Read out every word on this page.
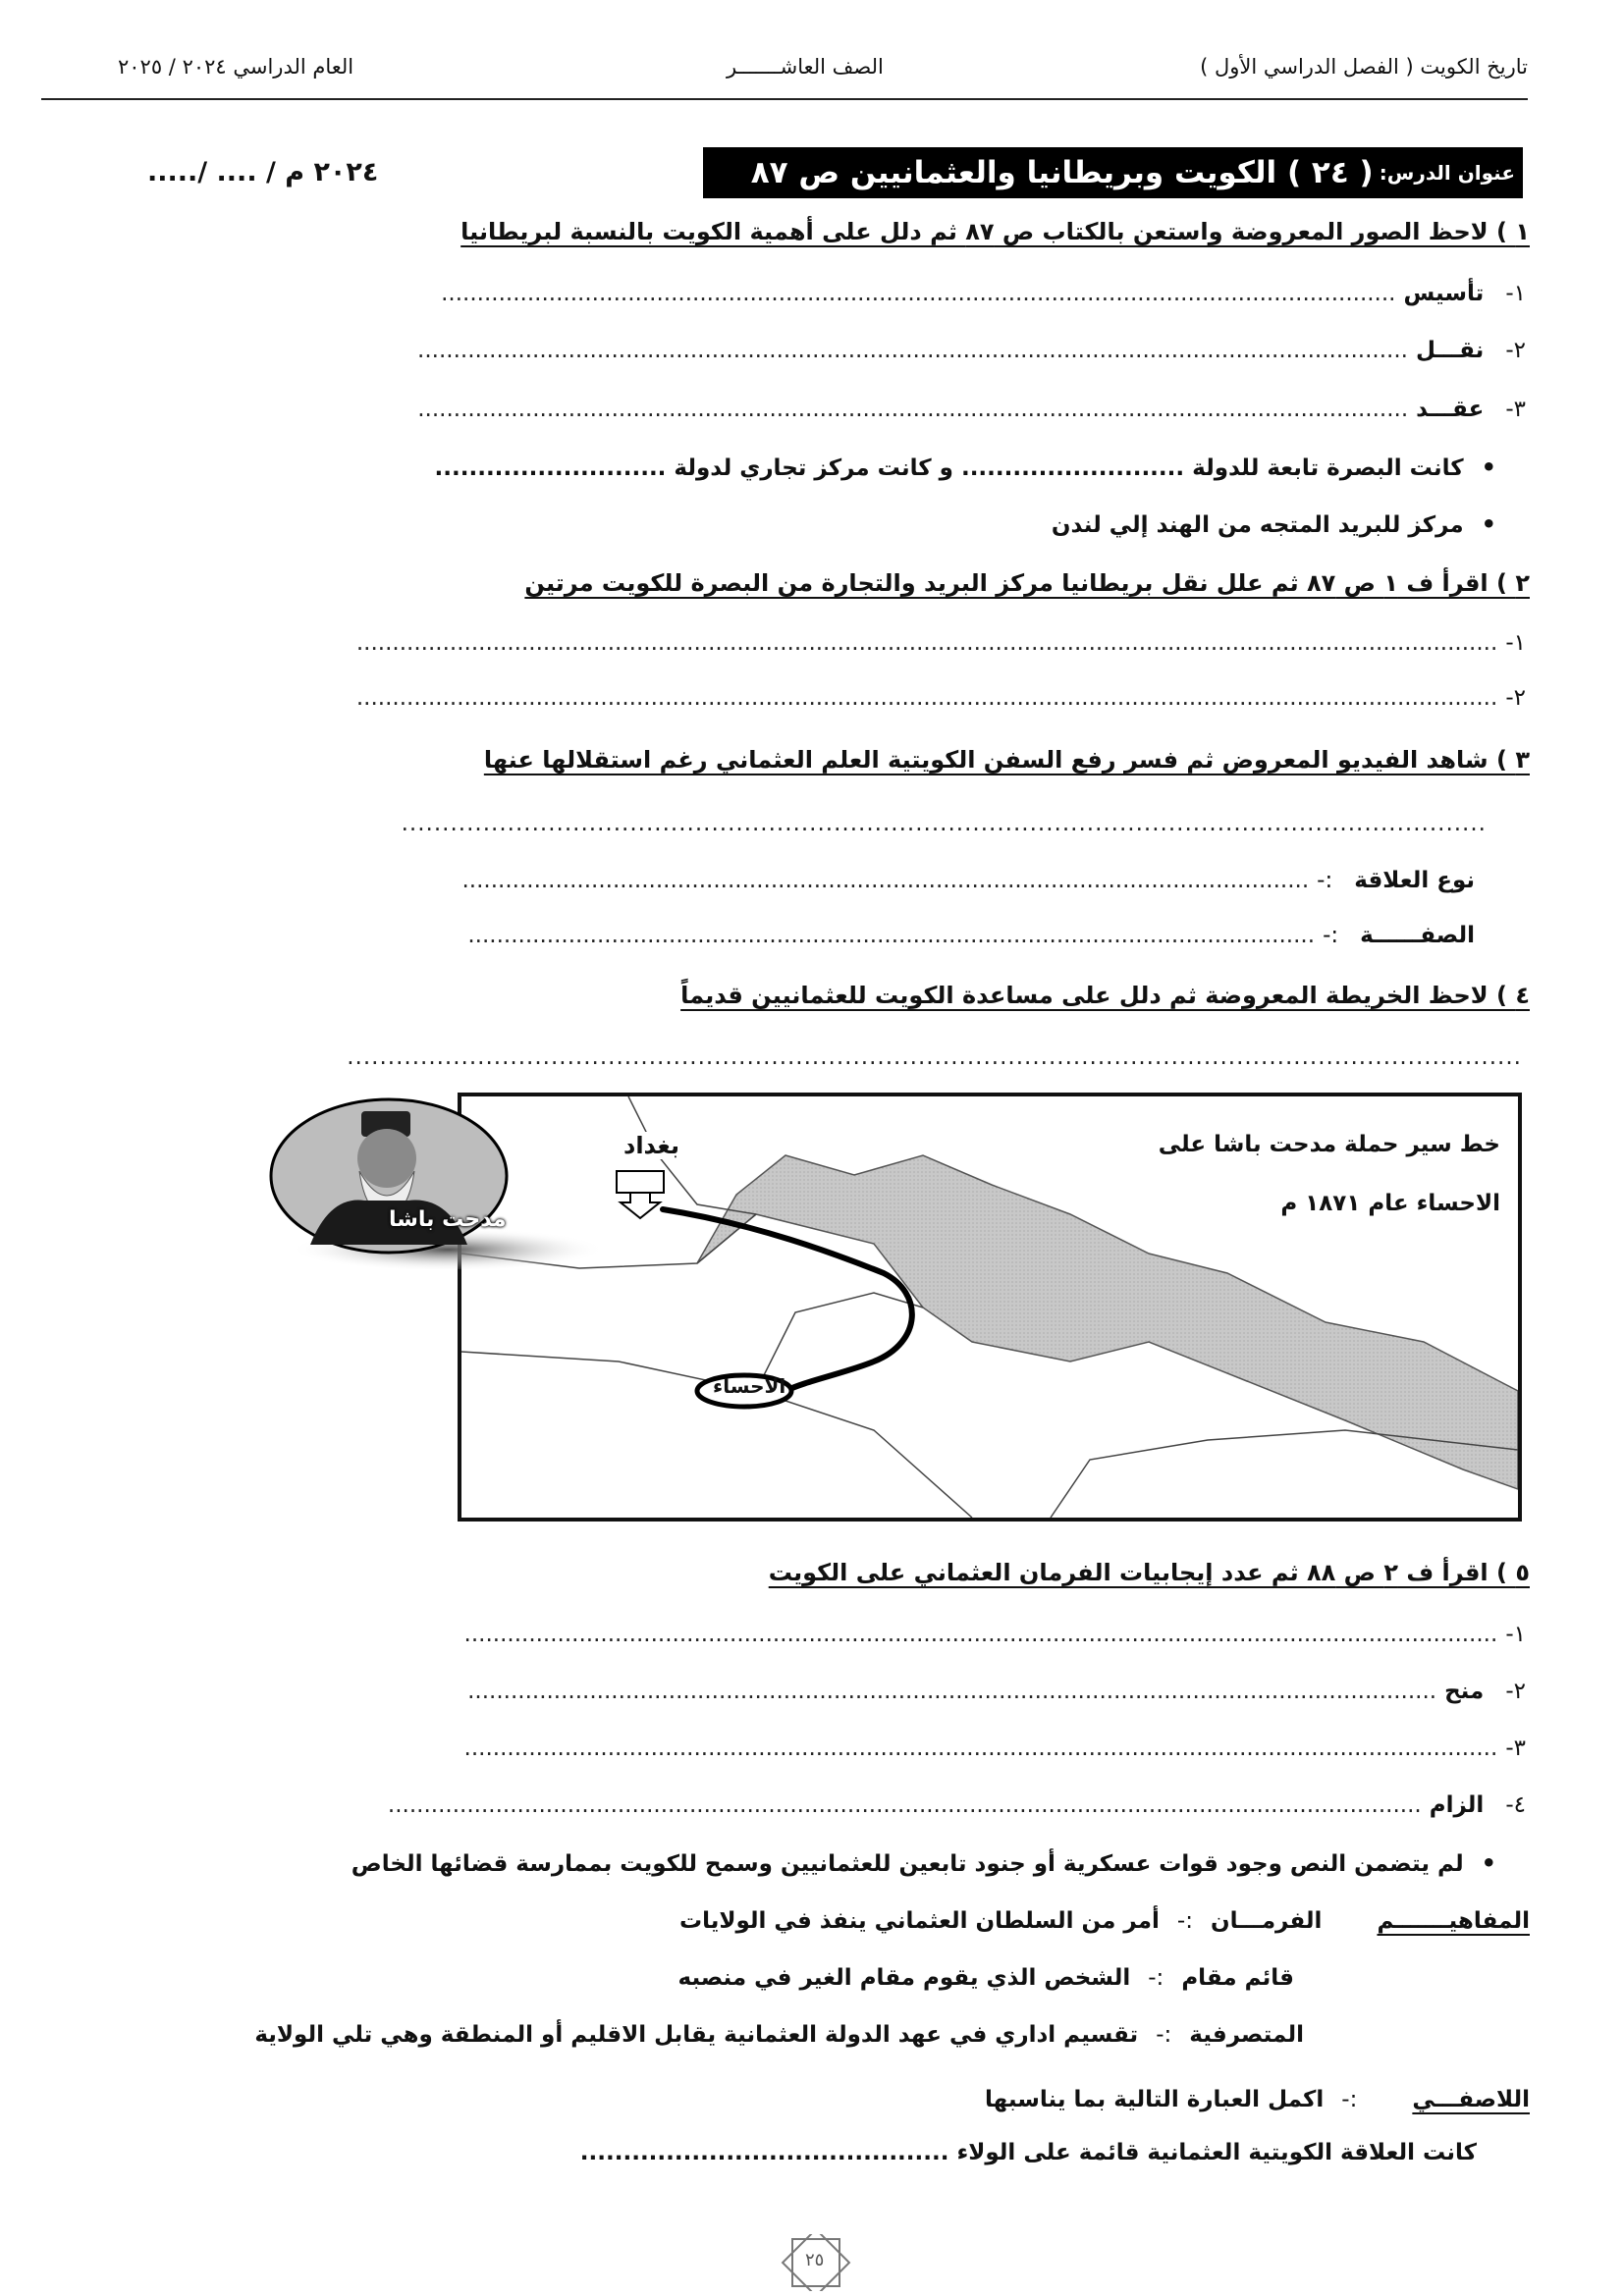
تاريخ الكويت ( الفصل الدراسي الأول )
الصف العاشـــــــر
العام الدراسي ٢٠٢٤ / ٢٠٢٥
عنوان الدرس:
( ٢٤ ) الكويت وبريطانيا والعثمانيين ص ٨٧
...../ .... / ٢٠٢٤ م
١ ) لاحظ الصور المعروضة واستعن بالكتاب ص ٨٧ ثم دلل على أهمية الكويت بالنسبة لبريطانيا
١- تأسيس .....................................................................................................................................
٢- نقـــل ..........................................................................................................................................
٣- عقـــد ..........................................................................................................................................
• كانت البصرة تابعة للدولة .......................... و كانت مركز تجاري لدولة ...........................
• مركز للبريد المتجه من الهند إلي لندن
٢ ) اقرأ ف ١ ص ٨٧ ثم علل نقل بريطانيا مركز البريد والتجارة من البصرة للكويت مرتين
١- ...............................................................................................................................................................
٢- ...............................................................................................................................................................
٣ ) شاهد الفيديو المعروض ثم فسر رفع السفن الكويتية العلم العثماني رغم استقلالها عنها
.....................................................................................................................................
نوع العلاقة :- ......................................................................................................................
الصفــــــة :- ......................................................................................................................
٤ ) لاحظ الخريطة المعروضة ثم دلل على مساعدة الكويت للعثمانيين قديماً
................................................................................................................................................
بغداد
الاحساء
خط سير حملة مدحت باشا على
الاحساء عام ١٨٧١ م
مدحت باشا
٥ ) اقرأ ف ٢ ص ٨٨ ثم عدد إيجابيات الفرمان العثماني على الكويت
١- ................................................................................................................................................
٢- منح .......................................................................................................................................
٣- ................................................................................................................................................
٤- الزام ................................................................................................................................................
• لم يتضمن النص وجود قوات عسكرية أو جنود تابعين للعثمانيين وسمح للكويت بممارسة قضائها الخاص
المفاهيـــــــم الفرمـــان :- أمر من السلطان العثماني ينفذ في الولايات
قائم مقام :- الشخص الذي يقوم مقام الغير في منصبه
المتصرفية :- تقسيم اداري في عهد الدولة العثمانية يقابل الاقليم أو المنطقة وهي تلي الولاية
اللاصفـــي :- اكمل العبارة التالية بما يناسبها
كانت العلاقة الكويتية العثمانية قائمة على الولاء ...........................................
٢٥
